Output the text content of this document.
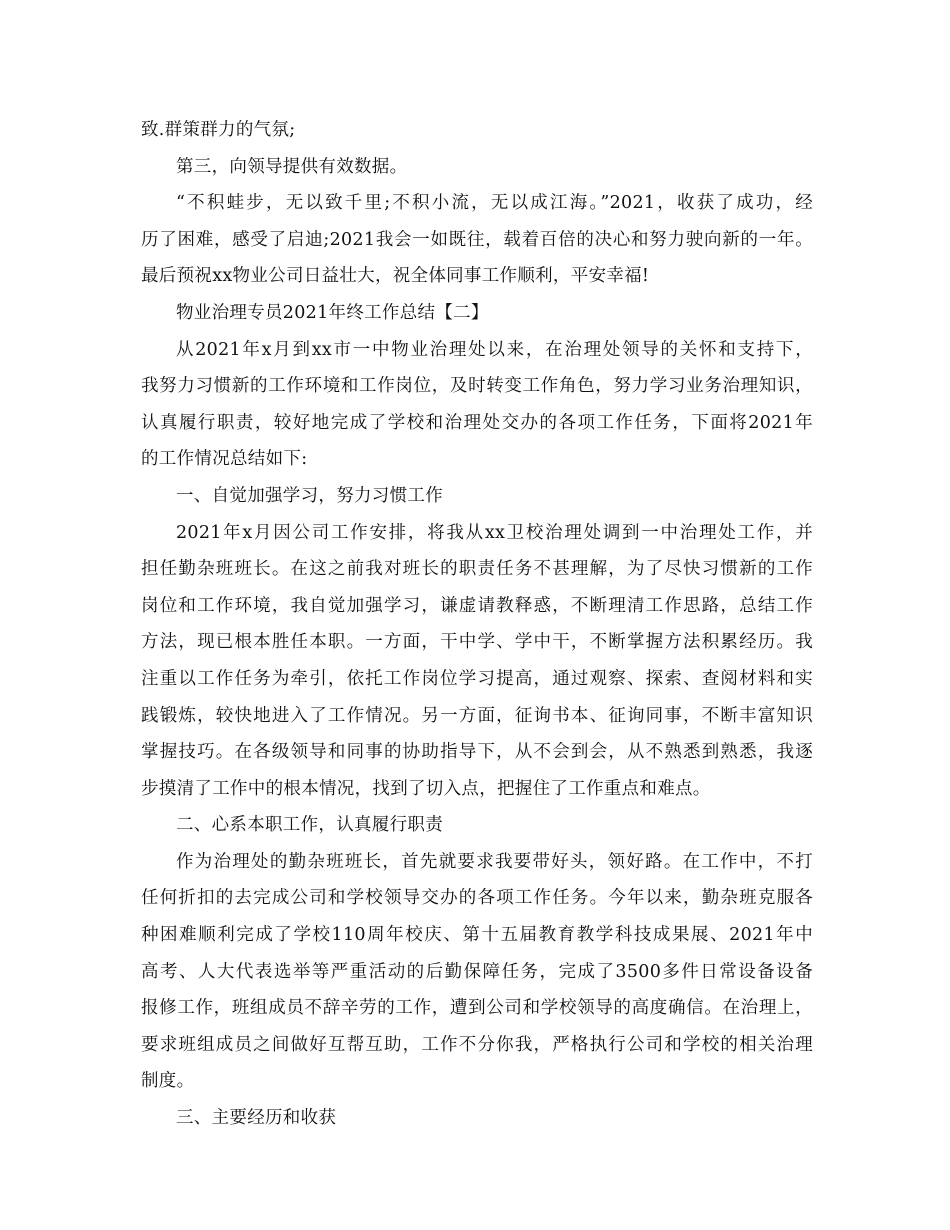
致.群策群力的气氛;
第三，向领导提供有效数据。
“不积蛙步，无以致千里;不积小流，无以成江海。”2021，收获了成功，经
历了困难，感受了启迪;2021我会一如既往，载着百倍的决心和努力驶向新的一年。
最后预祝xx物业公司日益壮大，祝全体同事工作顺利，平安幸福!
物业治理专员2021年终工作总结【二】
从2021年x月到xx市一中物业治理处以来，在治理处领导的关怀和支持下，
我努力习惯新的工作环境和工作岗位，及时转变工作角色，努力学习业务治理知识，
认真履行职责，较好地完成了学校和治理处交办的各项工作任务，下面将2021年
的工作情况总结如下:
一、自觉加强学习，努力习惯工作
2021年x月因公司工作安排，将我从xx卫校治理处调到一中治理处工作，并
担任勤杂班班长。在这之前我对班长的职责任务不甚理解，为了尽快习惯新的工作
岗位和工作环境，我自觉加强学习，谦虚请教释惑，不断理清工作思路，总结工作
方法，现已根本胜任本职。一方面，干中学、学中干，不断掌握方法积累经历。我
注重以工作任务为牵引，依托工作岗位学习提高，通过观察、探索、查阅材料和实
践锻炼，较快地进入了工作情况。另一方面，征询书本、征询同事，不断丰富知识
掌握技巧。在各级领导和同事的协助指导下，从不会到会，从不熟悉到熟悉，我逐
步摸清了工作中的根本情况，找到了切入点，把握住了工作重点和难点。
二、心系本职工作，认真履行职责
作为治理处的勤杂班班长，首先就要求我要带好头，领好路。在工作中，不打
任何折扣的去完成公司和学校领导交办的各项工作任务。今年以来，勤杂班克服各
种困难顺利完成了学校110周年校庆、第十五届教育教学科技成果展、2021年中
高考、人大代表选举等严重活动的后勤保障任务，完成了3500多件日常设备设备
报修工作，班组成员不辞辛劳的工作，遭到公司和学校领导的高度确信。在治理上，
要求班组成员之间做好互帮互助，工作不分你我，严格执行公司和学校的相关治理
制度。
三、主要经历和收获
